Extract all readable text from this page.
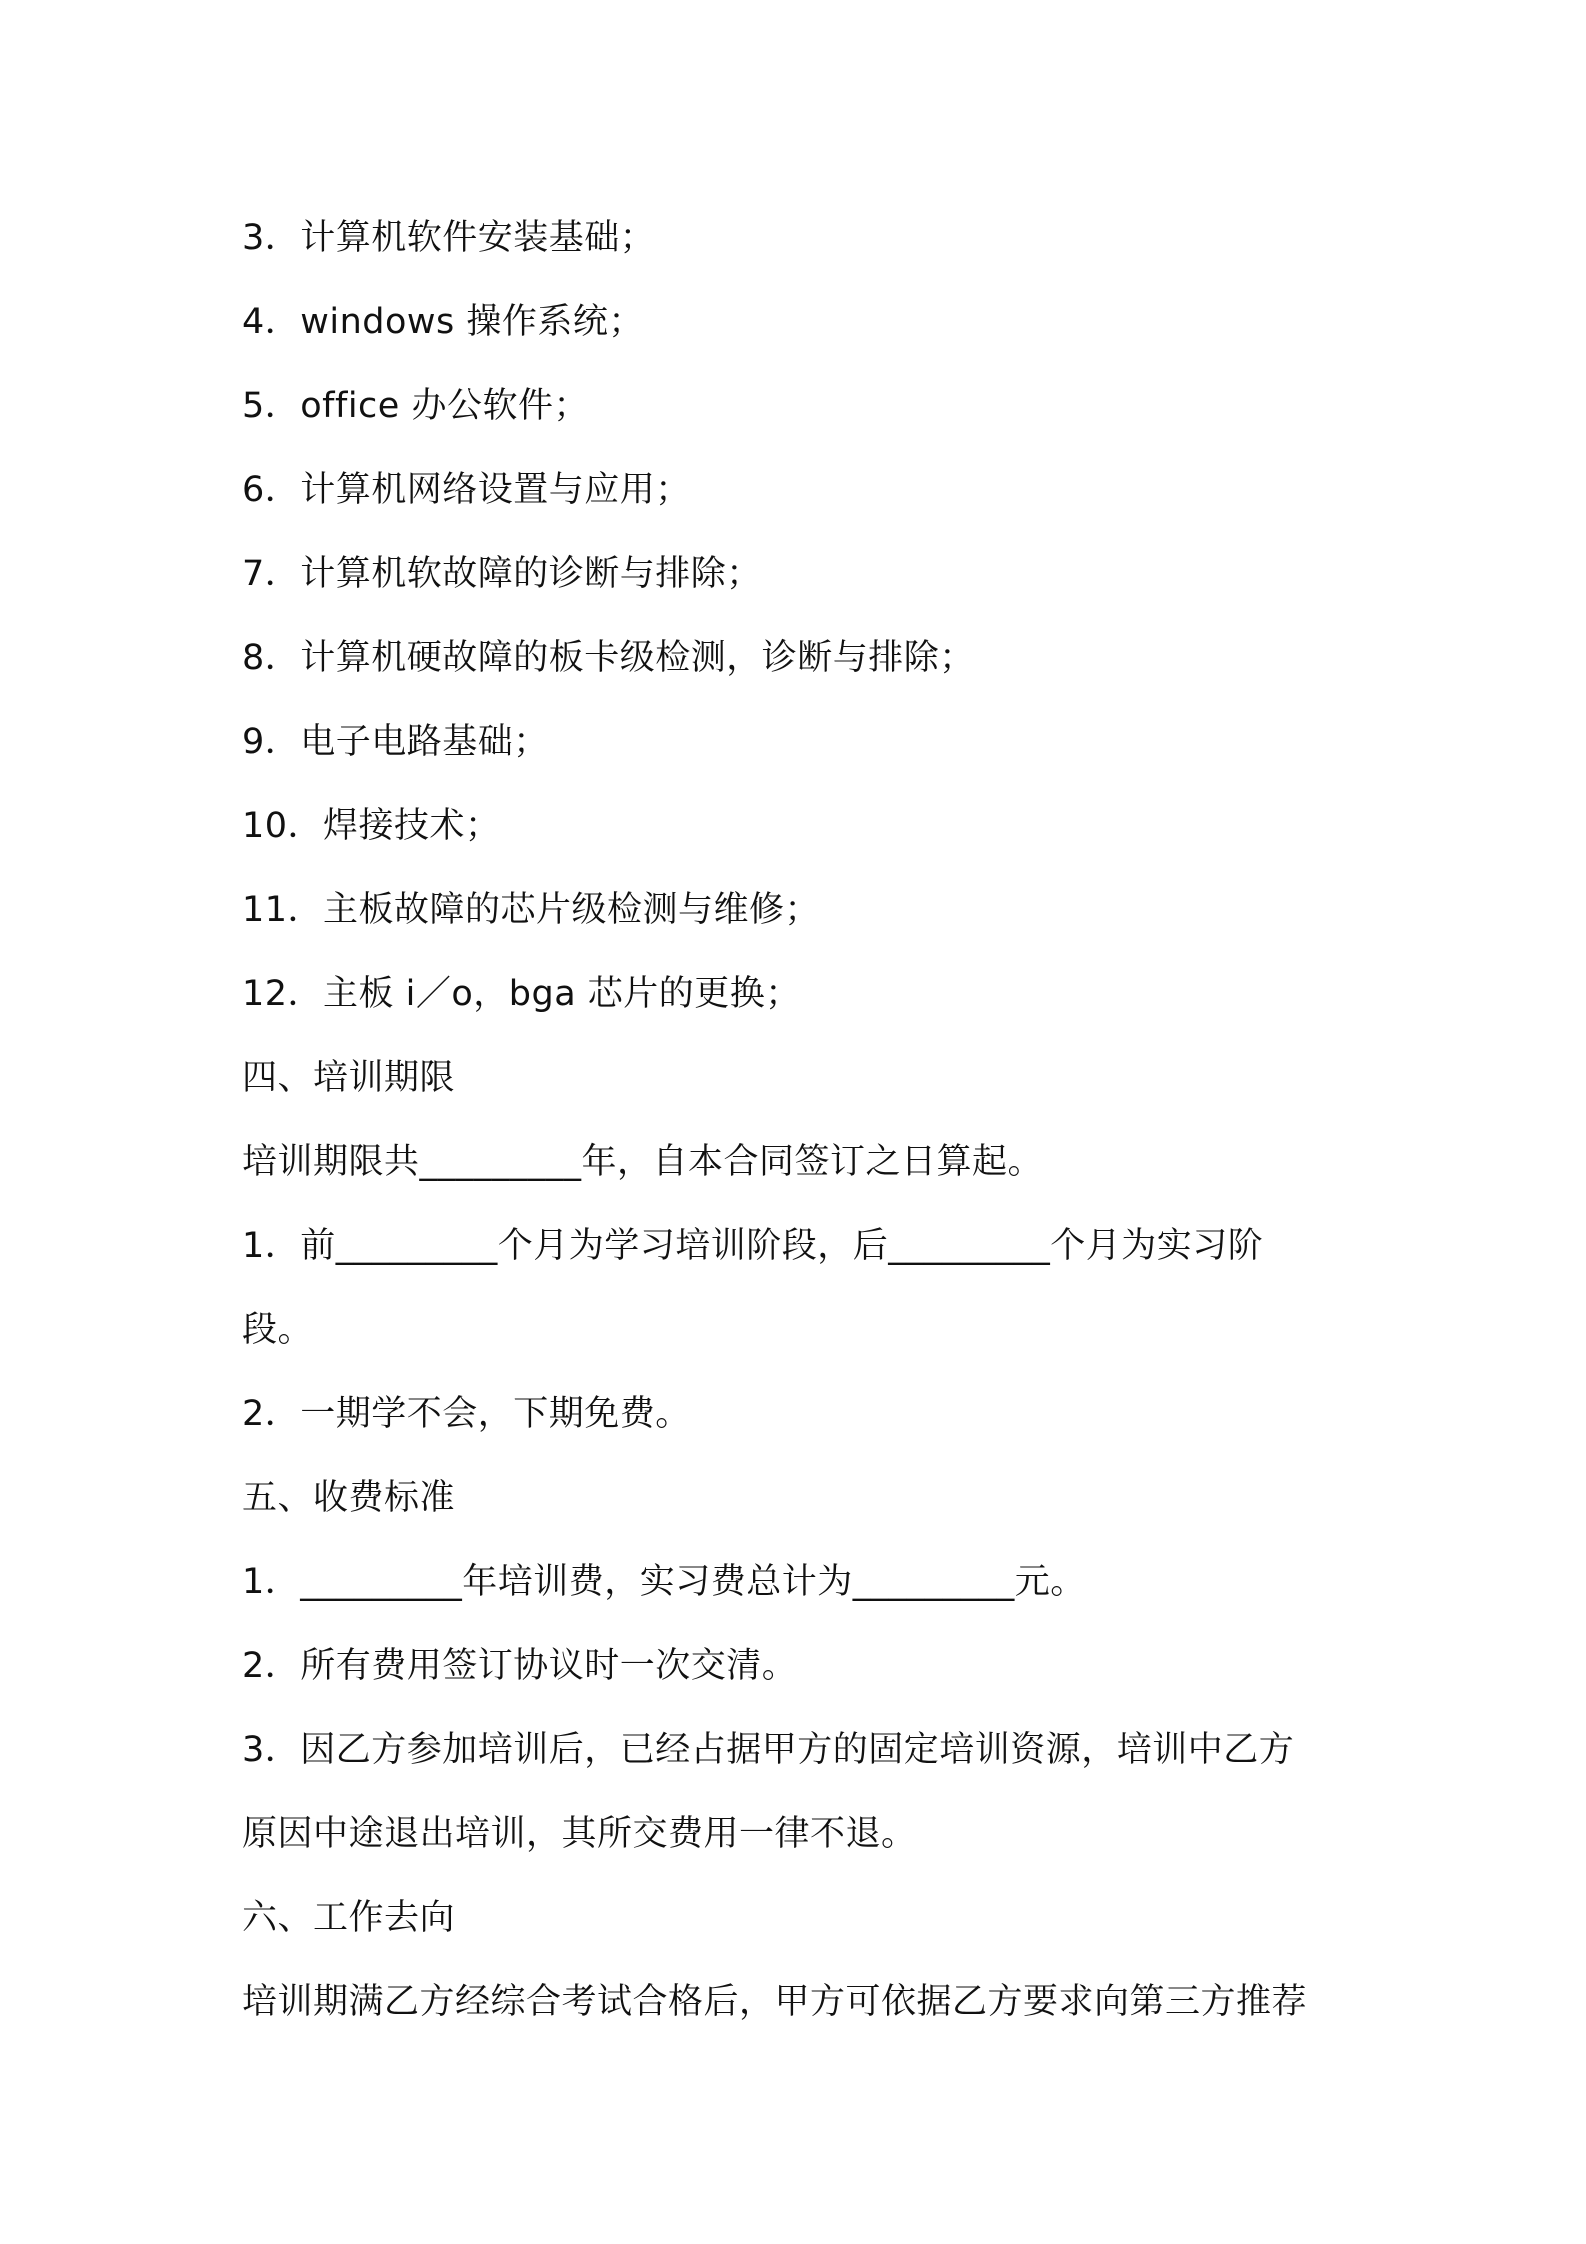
3．计算机软件安装基础；
4．windows 操作系统；
5．office 办公软件；
6．计算机网络设置与应用；
7．计算机软故障的诊断与排除；
8．计算机硬故障的板卡级检测，诊断与排除；
9．电子电路基础；
10．焊接技术；
11．主板故障的芯片级检测与维修；
12．主板 i／o，bga 芯片的更换；
四、培训期限
培训期限共_________年，自本合同签订之日算起。
1．前_________个月为学习培训阶段，后_________个月为实习阶
段。
2．一期学不会，下期免费。
五、收费标准
1．_________年培训费，实习费总计为_________元。
2．所有费用签订协议时一次交清。
3．因乙方参加培训后，已经占据甲方的固定培训资源，培训中乙方
原因中途退出培训，其所交费用一律不退。
六、工作去向
培训期满乙方经综合考试合格后，甲方可依据乙方要求向第三方推荐
